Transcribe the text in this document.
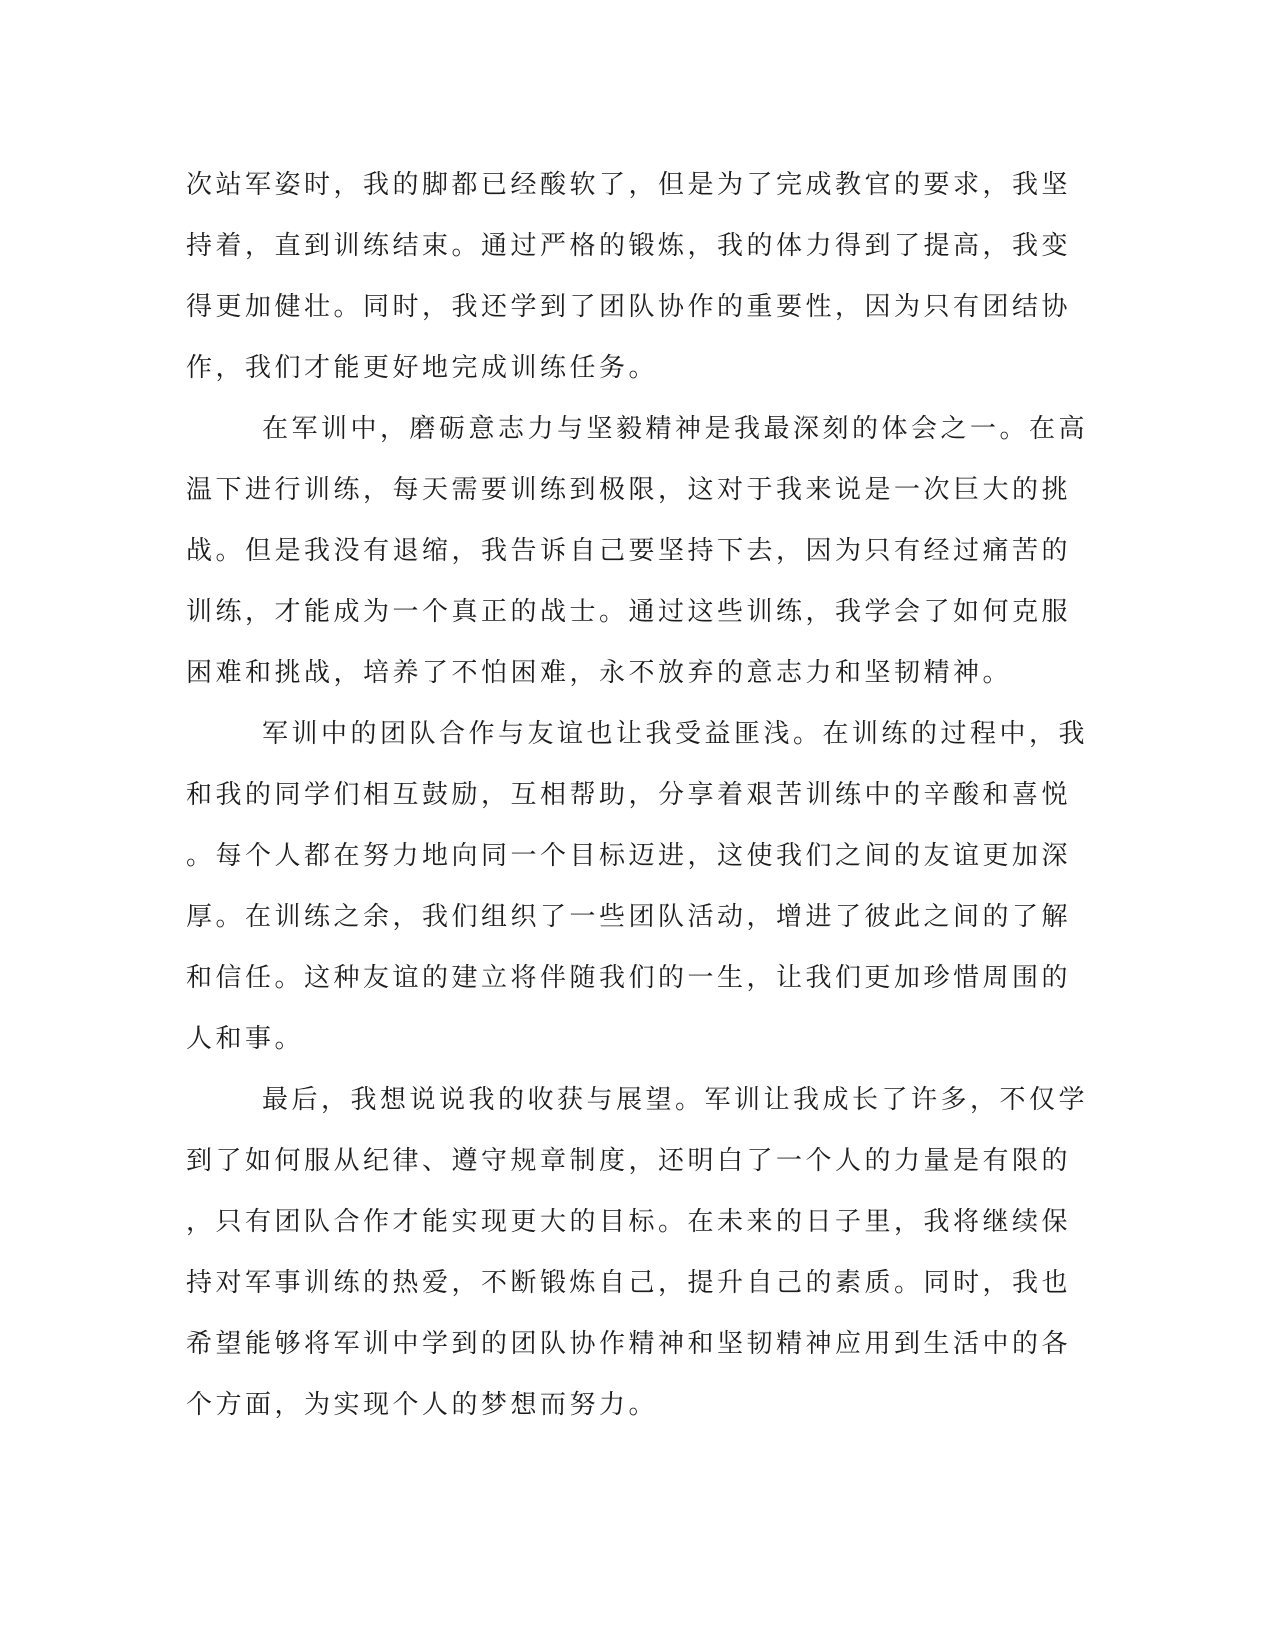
次站军姿时，我的脚都已经酸软了，但是为了完成教官的要求，我坚
持着，直到训练结束。通过严格的锻炼，我的体力得到了提高，我变
得更加健壮。同时，我还学到了团队协作的重要性，因为只有团结协
作，我们才能更好地完成训练任务。
在军训中，磨砺意志力与坚毅精神是我最深刻的体会之一。在高
温下进行训练，每天需要训练到极限，这对于我来说是一次巨大的挑
战。但是我没有退缩，我告诉自己要坚持下去，因为只有经过痛苦的
训练，才能成为一个真正的战士。通过这些训练，我学会了如何克服
困难和挑战，培养了不怕困难，永不放弃的意志力和坚韧精神。
军训中的团队合作与友谊也让我受益匪浅。在训练的过程中，我
和我的同学们相互鼓励，互相帮助，分享着艰苦训练中的辛酸和喜悦
。每个人都在努力地向同一个目标迈进，这使我们之间的友谊更加深
厚。在训练之余，我们组织了一些团队活动，增进了彼此之间的了解
和信任。这种友谊的建立将伴随我们的一生，让我们更加珍惜周围的
人和事。
最后，我想说说我的收获与展望。军训让我成长了许多，不仅学
到了如何服从纪律、遵守规章制度，还明白了一个人的力量是有限的
，只有团队合作才能实现更大的目标。在未来的日子里，我将继续保
持对军事训练的热爱，不断锻炼自己，提升自己的素质。同时，我也
希望能够将军训中学到的团队协作精神和坚韧精神应用到生活中的各
个方面，为实现个人的梦想而努力。
